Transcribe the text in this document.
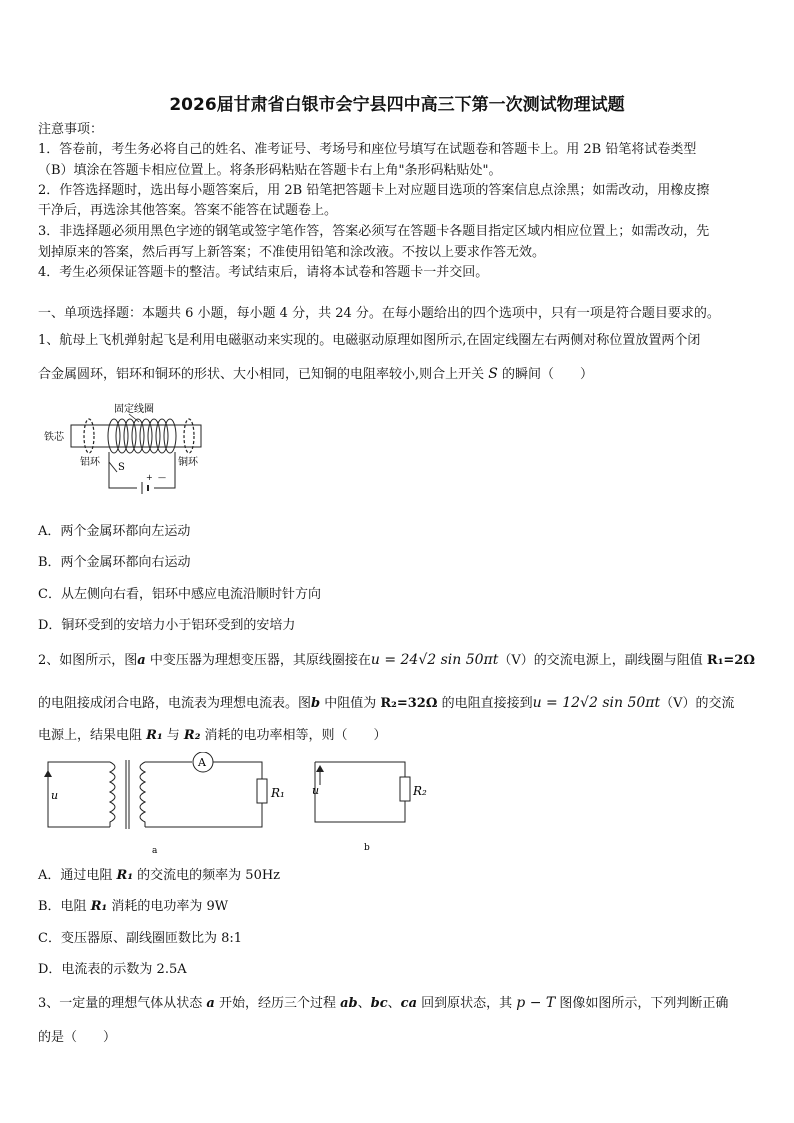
2026届甘肃省白银市会宁县四中高三下第一次测试物理试题
注意事项：
1．答卷前，考生务必将自己的姓名、准考证号、考场号和座位号填写在试题卷和答题卡上。用 2B 铅笔将试卷类型
（B）填涂在答题卡相应位置上。将条形码粘贴在答题卡右上角"条形码粘贴处"。
2．作答选择题时，选出每小题答案后，用 2B 铅笔把答题卡上对应题目选项的答案信息点涂黑；如需改动，用橡皮擦
干净后，再选涂其他答案。答案不能答在试题卷上。
3．非选择题必须用黑色字迹的钢笔或签字笔作答，答案必须写在答题卡各题目指定区域内相应位置上；如需改动，先
划掉原来的答案，然后再写上新答案；不准使用铅笔和涂改液。不按以上要求作答无效。
4．考生必须保证答题卡的整洁。考试结束后，请将本试卷和答题卡一并交回。
一、单项选择题：本题共 6 小题，每小题 4 分，共 24 分。在每小题给出的四个选项中，只有一项是符合题目要求的。
1、航母上飞机弹射起飞是利用电磁驱动来实现的。电磁驱动原理如图所示,在固定线圈左右两侧对称位置放置两个闭
合金属圆环，铝环和铜环的形状、大小相同，已知铜的电阻率较小,则合上开关 S 的瞬间（　　）
固定线圈
铁芯
铝环	铜环
S
+ —
A．两个金属环都向左运动
B．两个金属环都向右运动
C．从左侧向右看，铝环中感应电流沿顺时针方向
D．铜环受到的安培力小于铝环受到的安培力
2、如图所示，图a 中变压器为理想变压器，其原线圈接在u = 24√2 sin 50πt（V）的交流电源上，副线圈与阻值 R₁=2Ω
的电阻接成闭合电路，电流表为理想电流表。图b 中阻值为 R₂=32Ω 的电阻直接接到u = 12√2 sin 50πt（V）的交流
电源上，结果电阻 R₁ 与 R₂ 消耗的电功率相等，则（　　）
u
A
R₁
a
R₂
u
b
A．通过电阻 R₁ 的交流电的频率为 50Hz
B．电阻 R₁ 消耗的电功率为 9W
C．变压器原、副线圈匝数比为 8:1
D．电流表的示数为 2.5A
3、一定量的理想气体从状态 a 开始，经历三个过程 ab、bc、ca 回到原状态，其 p − T 图像如图所示，下列判断正确
的是（　　）
